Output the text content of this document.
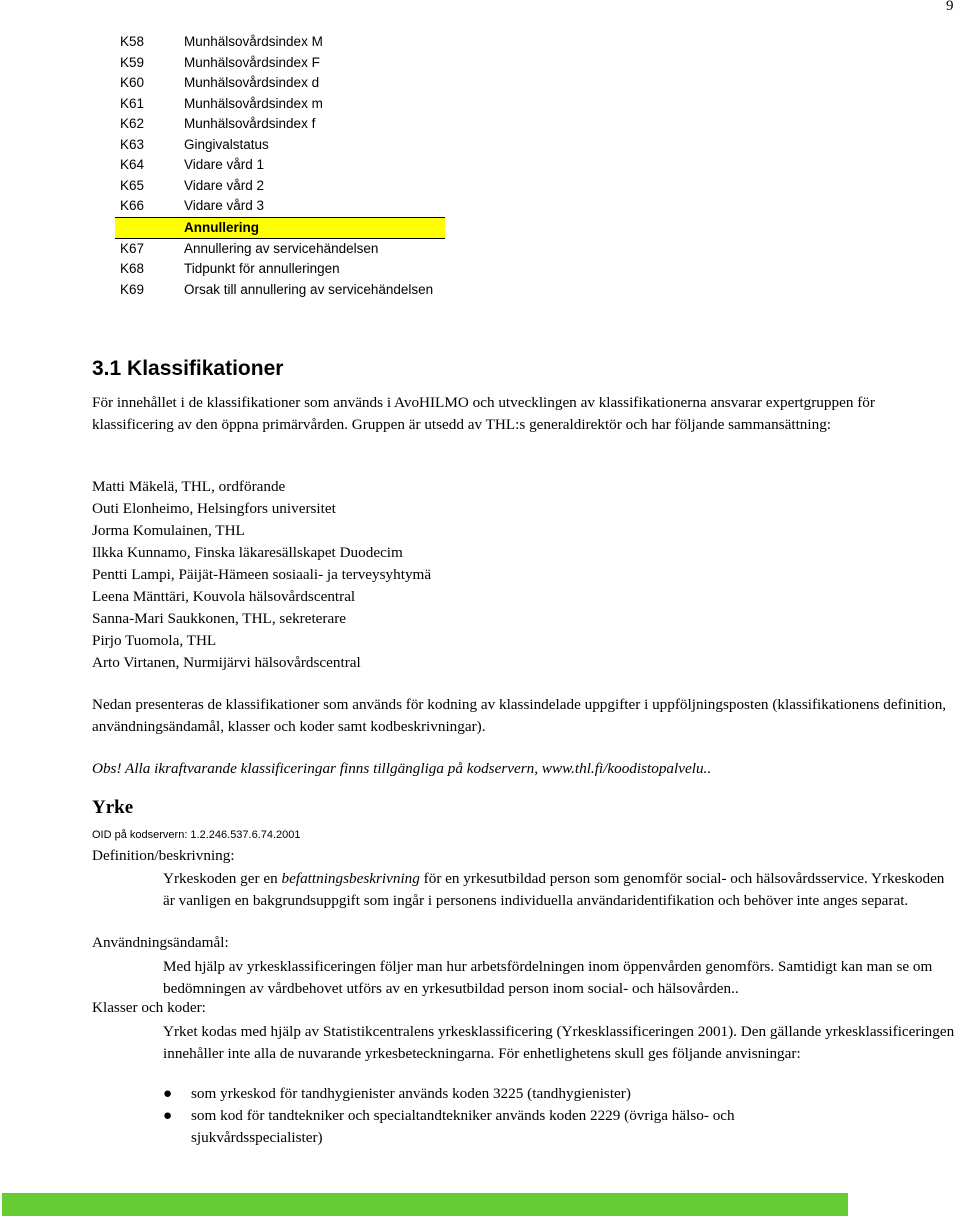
9
K58	Munhälsovårdsindex M
K59	Munhälsovårdsindex F
K60	Munhälsovårdsindex d
K61	Munhälsovårdsindex m
K62	Munhälsovårdsindex f
K63	Gingivalstatus
K64	Vidare vård 1
K65	Vidare vård 2
K66	Vidare vård 3
Annullering
K67	Annullering av servicehändelsen
K68	Tidpunkt för annulleringen
K69	Orsak till annullering av servicehändelsen
3.1 Klassifikationer
För innehållet i de klassifikationer som används i AvoHILMO och utvecklingen av klassifikationerna ansvarar expertgruppen för klassificering av den öppna primärvården. Gruppen är utsedd av THL:s generaldirektör och har följande sammansättning:
Matti Mäkelä, THL, ordförande
Outi Elonheimo, Helsingfors universitet
Jorma Komulainen, THL
Ilkka Kunnamo, Finska läkaresällskapet Duodecim
Pentti Lampi, Päijät-Hämeen sosiaali- ja terveysyhtymä
Leena Mänttäri, Kouvola hälsovårdscentral
Sanna-Mari Saukkonen, THL, sekreterare
Pirjo Tuomola, THL
Arto Virtanen, Nurmijärvi hälsovårdscentral
Nedan presenteras de klassifikationer som används för kodning av klassindelade uppgifter i uppföljningsposten (klassifikationens definition, användningsändamål, klasser och koder samt kodbeskrivningar).
Obs! Alla ikraftvarande klassificeringar finns tillgängliga på kodservern, www.thl.fi/koodistopalvelu..
Yrke
OID på kodservern: 1.2.246.537.6.74.2001
Definition/beskrivning:
Yrkeskoden ger en befattningsbeskrivning för en yrkesutbildad person som genomför social- och hälsovårdsservice. Yrkeskoden är vanligen en bakgrundsuppgift som ingår i personens individuella användaridentifikation och behöver inte anges separat.
Användningsändamål:
Med hjälp av yrkesklassificeringen följer man hur arbetsfördelningen inom öppenvården genomförs. Samtidigt kan man se om bedömningen av vårdbehovet utförs av en yrkesutbildad person inom social- och hälsovården..
Klasser och koder:
Yrket kodas med hjälp av Statistikcentralens yrkesklassificering (Yrkesklassificeringen 2001). Den gällande yrkesklassificeringen innehåller inte alla de nuvarande yrkesbeteckningarna. För enhetlighetens skull ges följande anvisningar:
●	som yrkeskod för tandhygienister används koden 3225 (tandhygienister)
●	som kod för tandtekniker och specialtandtekniker används koden 2229 (övriga hälso- och sjukvårdsspecialister)
